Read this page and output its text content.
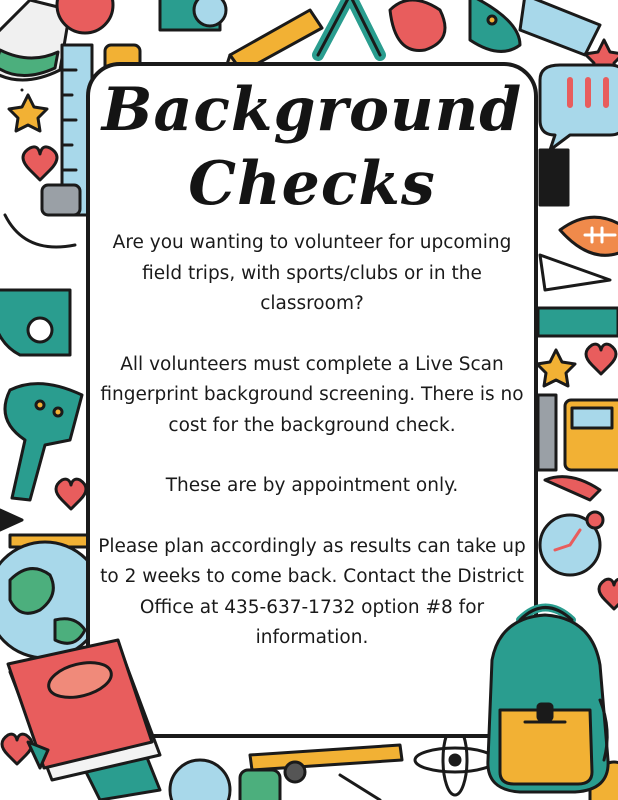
Background
Checks

Are you wanting to volunteer for upcoming field trips, with sports/clubs or in the classroom?

All volunteers must complete a Live Scan fingerprint background screening. There is no cost for the background check.

These are by appointment only.

Please plan accordingly as results can take up to 2 weeks to come back. Contact the District Office at 435-637-1732 option #8 for information.
